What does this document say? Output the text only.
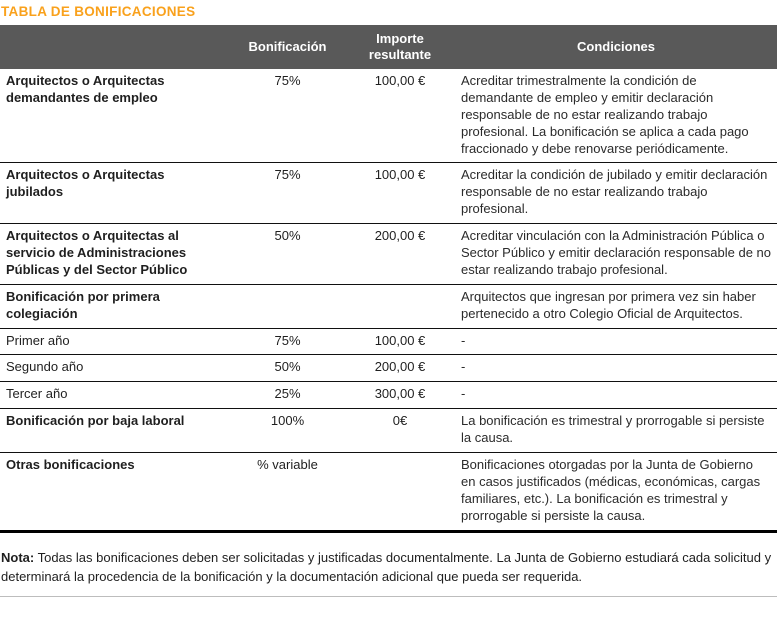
TABLA DE BONIFICACIONES
	Bonificación	Importe resultante	Condiciones
Arquitectos o Arquitectas demandantes de empleo	75%	100,00 €	Acreditar trimestralmente la condición de demandante de empleo y emitir declaración responsable de no estar realizando trabajo profesional. La bonificación se aplica a cada pago fraccionado y debe renovarse periódicamente.
Arquitectos o Arquitectas jubilados	75%	100,00 €	Acreditar la condición de jubilado y emitir declaración responsable de no estar realizando trabajo profesional.
Arquitectos o Arquitectas al servicio de Administraciones Públicas y del Sector Público	50%	200,00 €	Acreditar vinculación con la Administración Pública o Sector Público y emitir declaración responsable de no estar realizando trabajo profesional.
Bonificación por primera colegiación			Arquitectos que ingresan por primera vez sin haber pertenecido a otro Colegio Oficial de Arquitectos.
Primer año	75%	100,00 €	-
Segundo año	50%	200,00 €	-
Tercer año	25%	300,00 €	-
Bonificación por baja laboral	100%	0€	La bonificación es trimestral y prorrogable si persiste la causa.
Otras bonificaciones	% variable		Bonificaciones otorgadas por la Junta de Gobierno en casos justificados (médicas, económicas, cargas familiares, etc.). La bonificación es trimestral y prorrogable si persiste la causa.

Nota: Todas las bonificaciones deben ser solicitadas y justificadas documentalmente. La Junta de Gobierno estudiará cada solicitud y determinará la procedencia de la bonificación y la documentación adicional que pueda ser requerida.
